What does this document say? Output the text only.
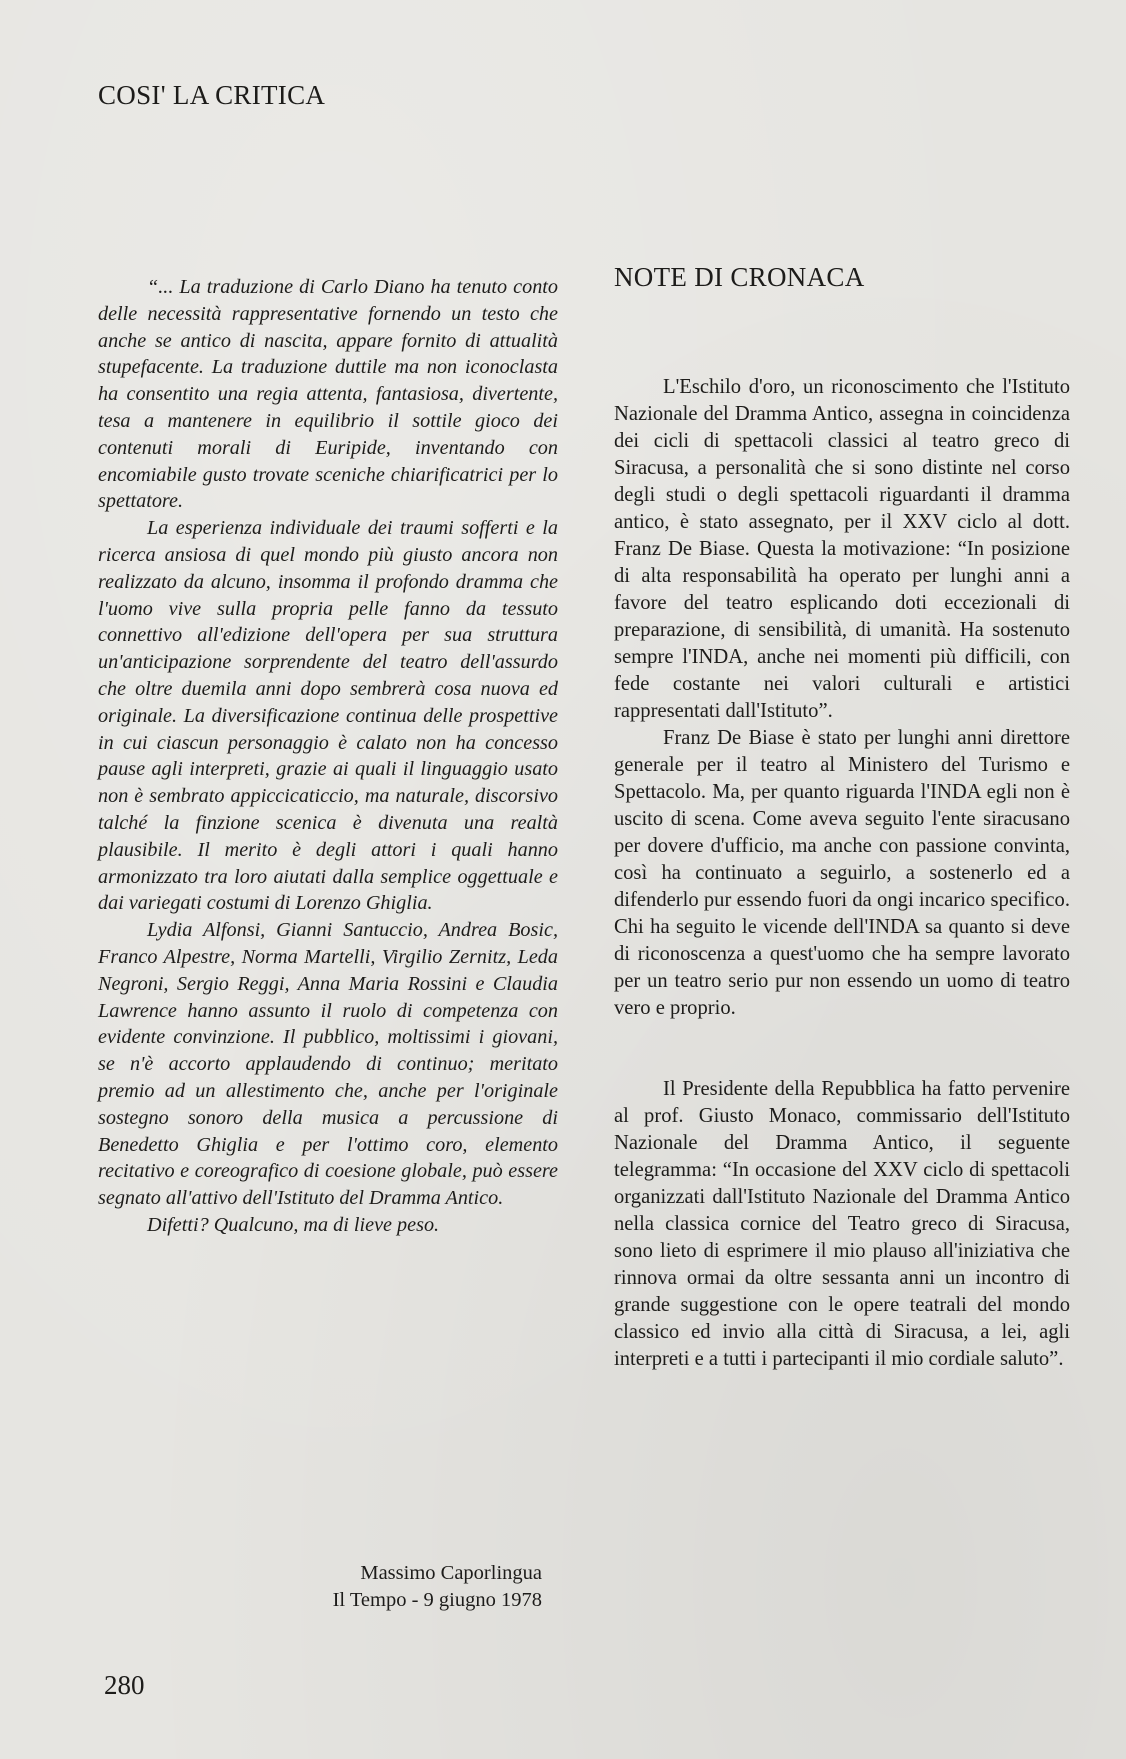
COSI' LA CRITICA

“... La traduzione di Carlo Diano ha tenuto conto delle necessità rappresentative fornendo un testo che anche se antico di nascita, appare fornito di attualità stupefacente. La traduzione duttile ma non iconoclasta ha consentito una regia attenta, fantasiosa, divertente, tesa a mantenere in equilibrio il sottile gioco dei contenuti morali di Euripide, inventando con encomiabile gusto trovate sceniche chiarificatrici per lo spettatore.

La esperienza individuale dei traumi sofferti e la ricerca ansiosa di quel mondo più giusto ancora non realizzato da alcuno, insomma il profondo dramma che l'uomo vive sulla propria pelle fanno da tessuto connettivo all'edizione dell'opera per sua struttura un'anticipazione sorprendente del teatro dell'assurdo che oltre duemila anni dopo sembrerà cosa nuova ed originale. La diversificazione continua delle prospettive in cui ciascun personaggio è calato non ha concesso pause agli interpreti, grazie ai quali il linguaggio usato non è sembrato appiccicaticcio, ma naturale, discorsivo talché la finzione scenica è divenuta una realtà plausibile. Il merito è degli attori i quali hanno armonizzato tra loro aiutati dalla semplice oggettuale e dai variegati costumi di Lorenzo Ghiglia.

Lydia Alfonsi, Gianni Santuccio, Andrea Bosic, Franco Alpestre, Norma Martelli, Virgilio Zernitz, Leda Negroni, Sergio Reggi, Anna Maria Rossini e Claudia Lawrence hanno assunto il ruolo di competenza con evidente convinzione. Il pubblico, moltissimi i giovani, se n'è accorto applaudendo di continuo; meritato premio ad un allestimento che, anche per l'originale sostegno sonoro della musica a percussione di Benedetto Ghiglia e per l'ottimo coro, elemento recitativo e coreografico di coesione globale, può essere segnato all'attivo dell'Istituto del Dramma Antico.

Difetti? Qualcuno, ma di lieve peso.

Massimo Caporlingua
Il Tempo - 9 giugno 1978
NOTE DI CRONACA

L'Eschilo d'oro, un riconoscimento che l'Istituto Nazionale del Dramma Antico, assegna in coincidenza dei cicli di spettacoli classici al teatro greco di Siracusa, a personalità che si sono distinte nel corso degli studi o degli spettacoli riguardanti il dramma antico, è stato assegnato, per il XXV ciclo al dott. Franz De Biase. Questa la motivazione: “In posizione di alta responsabilità ha operato per lunghi anni a favore del teatro esplicando doti eccezionali di preparazione, di sensibilità, di umanità. Ha sostenuto sempre l'INDA, anche nei momenti più difficili, con fede costante nei valori culturali e artistici rappresentati dall'Istituto”.

Franz De Biase è stato per lunghi anni direttore generale per il teatro al Ministero del Turismo e Spettacolo. Ma, per quanto riguarda l'INDA egli non è uscito di scena. Come aveva seguito l'ente siracusano per dovere d'ufficio, ma anche con passione convinta, così ha continuato a seguirlo, a sostenerlo ed a difenderlo pur essendo fuori da ongi incarico specifico. Chi ha seguito le vicende dell'INDA sa quanto si deve di riconoscenza a quest'uomo che ha sempre lavorato per un teatro serio pur non essendo un uomo di teatro vero e proprio.

Il Presidente della Repubblica ha fatto pervenire al prof. Giusto Monaco, commissario dell'Istituto Nazionale del Dramma Antico, il seguente telegramma: “In occasione del XXV ciclo di spettacoli organizzati dall'Istituto Nazionale del Dramma Antico nella classica cornice del Teatro greco di Siracusa, sono lieto di esprimere il mio plauso all'iniziativa che rinnova ormai da oltre sessanta anni un incontro di grande suggestione con le opere teatrali del mondo classico ed invio alla città di Siracusa, a lei, agli interpreti e a tutti i partecipanti il mio cordiale saluto”.

280
